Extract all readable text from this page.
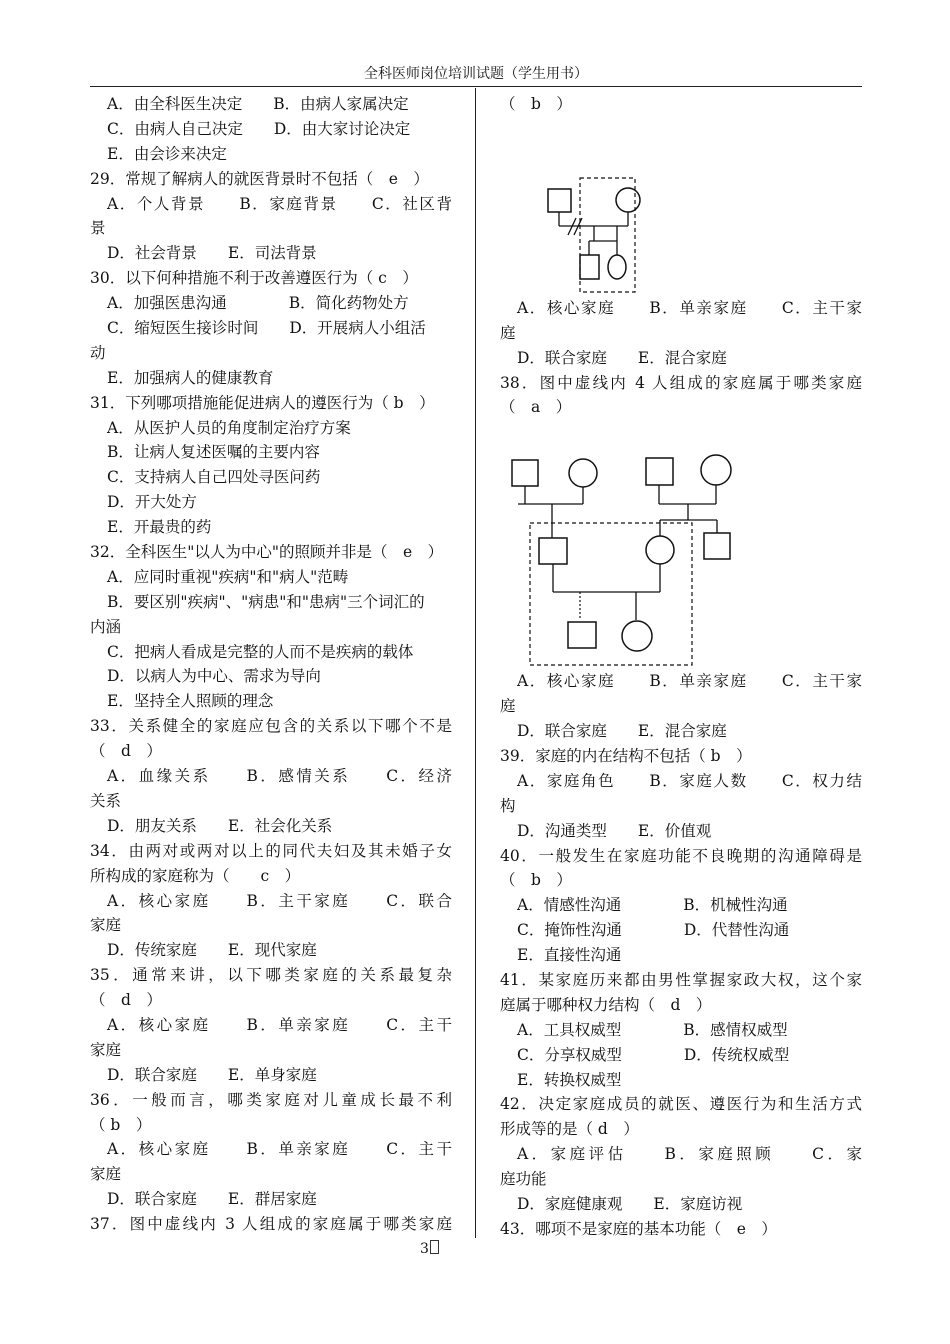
全科医师岗位培训试题（学生用书）
A．由全科医生决定　　B．由病人家属决定
C．由病人自己决定　　D．由大家讨论决定
E．由会诊来决定
29．常规了解病人的就医背景时不包括（　e　）
A．个人背景　　B．家庭背景　　C．社区背
景
D．社会背景　　E．司法背景
30．以下何种措施不利于改善遵医行为（ c　）
A．加强医患沟通　　　　B．简化药物处方
C．缩短医生接诊时间　　D．开展病人小组活
动
E．加强病人的健康教育
31．下列哪项措施能促进病人的遵医行为（ b　）
A．从医护人员的角度制定治疗方案
B．让病人复述医嘱的主要内容
C．支持病人自己四处寻医问药
D．开大处方
E．开最贵的药
32．全科医生"以人为中心"的照顾并非是（　e　）
A．应同时重视"疾病"和"病人"范畴
B．要区别"疾病"、"病患"和"患病"三个词汇的
内涵
C．把病人看成是完整的人而不是疾病的载体
D．以病人为中心、需求为导向
E．坚持全人照顾的理念
33．关系健全的家庭应包含的关系以下哪个不是
（　d　）
A．血缘关系　　B．感情关系　　C．经济
关系
D．朋友关系　　E．社会化关系
34．由两对或两对以上的同代夫妇及其未婚子女
所构成的家庭称为（　　c　）
A．核心家庭　　B．主干家庭　　C．联合
家庭
D．传统家庭　　E．现代家庭
35．通常来讲，以下哪类家庭的关系最复杂
（　d　）
A．核心家庭　　B．单亲家庭　　C．主干
家庭
D．联合家庭　　E．单身家庭
36．一般而言，哪类家庭对儿童成长最不利
（ b　）
A．核心家庭　　B．单亲家庭　　C．主干
家庭
D．联合家庭　　E．群居家庭
37．图中虚线内 3 人组成的家庭属于哪类家庭
（　b　）
A．核心家庭　　B．单亲家庭　　C．主干家
庭
D．联合家庭　　E．混合家庭
38．图中虚线内 4 人组成的家庭属于哪类家庭
（　a　）
A．核心家庭　　B．单亲家庭　　C．主干家
庭
D．联合家庭　　E．混合家庭
39．家庭的内在结构不包括（ b　）
A．家庭角色　　B．家庭人数　　C．权力结
构
D．沟通类型　　E．价值观
40．一般发生在家庭功能不良晚期的沟通障碍是
（　b　）
A．情感性沟通　　　　B．机械性沟通
C．掩饰性沟通　　　　D．代替性沟通
E．直接性沟通
41．某家庭历来都由男性掌握家政大权，这个家
庭属于哪种权力结构（　d　）
A．工具权威型　　　　B．感情权威型
C．分享权威型　　　　D．传统权威型
E．转换权威型
42．决定家庭成员的就医、遵医行为和生活方式
形成等的是（ d　）
A．家庭评估　　B．家庭照顾　　C．家
庭功能
D．家庭健康观　　E．家庭访视
43．哪项不是家庭的基本功能（　e　）
3
